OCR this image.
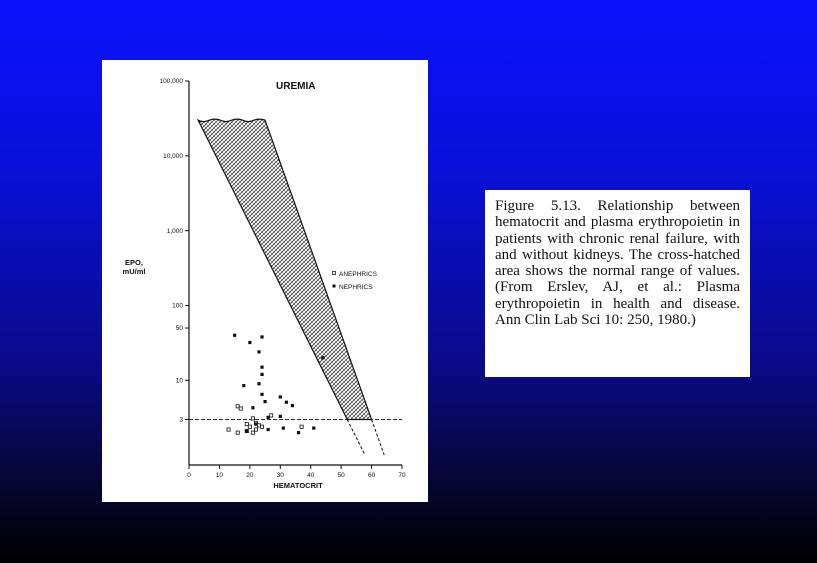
UREMIA
EPO,
mU/ml
HEMATOCRIT
ANEPHRICS
NEPHRICS
3
10
50
100
1,000
10,000
100,000
0	10	20	30	40	50	60	70
Figure 5.13. Relationship between hematocrit and plasma erythropoietin in patients with chronic renal failure, with and without kidneys. The cross-hatched area shows the normal range of values. (From Erslev, AJ, et al.: Plasma erythropoietin in health and disease. Ann Clin Lab Sci 10: 250, 1980.)
